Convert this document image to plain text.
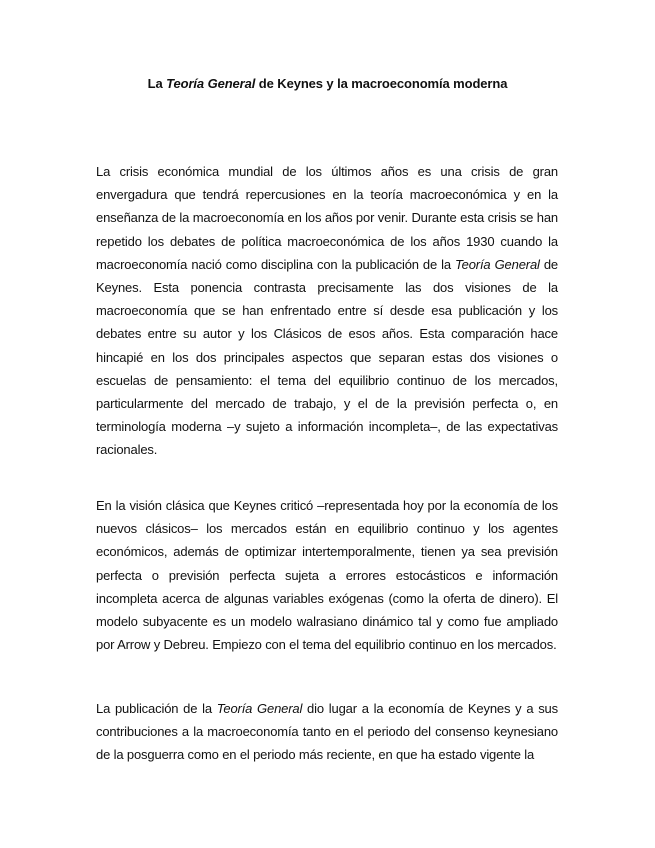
La Teoría General de Keynes y la macroeconomía moderna

La crisis económica mundial de los últimos años es una crisis de gran envergadura que tendrá repercusiones en la teoría macroeconómica y en la enseñanza de la macroeconomía en los años por venir. Durante esta crisis se han repetido los debates de política macroeconómica de los años 1930 cuando la macroeconomía nació como disciplina con la publicación de la Teoría General de Keynes. Esta ponencia contrasta precisamente las dos visiones de la macroeconomía que se han enfrentado entre sí desde esa publicación y los debates entre su autor y los Clásicos de esos años. Esta comparación hace hincapié en los dos principales aspectos que separan estas dos visiones o escuelas de pensamiento: el tema del equilibrio continuo de los mercados, particularmente del mercado de trabajo, y el de la previsión perfecta o, en terminología moderna –y sujeto a información incompleta–, de las expectativas racionales.

En la visión clásica que Keynes criticó –representada hoy por la economía de los nuevos clásicos– los mercados están en equilibrio continuo y los agentes económicos, además de optimizar intertemporalmente, tienen ya sea previsión perfecta o previsión perfecta sujeta a errores estocásticos e información incompleta acerca de algunas variables exógenas (como la oferta de dinero). El modelo subyacente es un modelo walrasiano dinámico tal y como fue ampliado por Arrow y Debreu. Empiezo con el tema del equilibrio continuo en los mercados.

La publicación de la Teoría General dio lugar a la economía de Keynes y a sus contribuciones a la macroeconomía tanto en el periodo del consenso keynesiano de la posguerra como en el periodo más reciente, en que ha estado vigente la
